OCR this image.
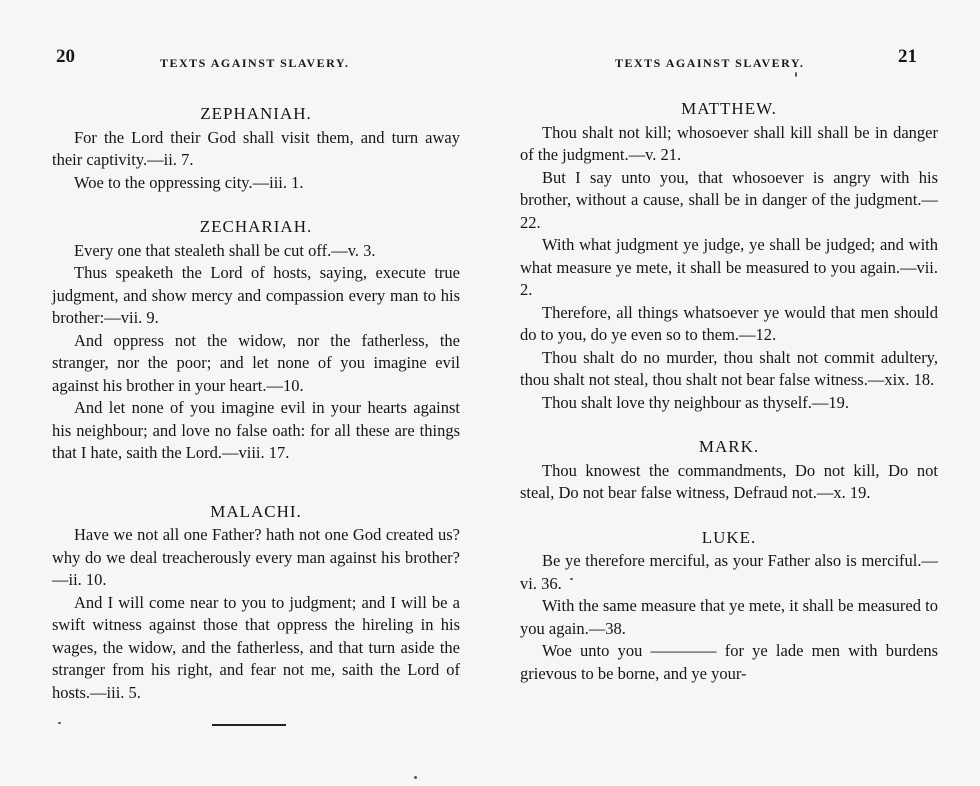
20	TEXTS AGAINST SLAVERY.
ZEPHANIAH.

For the Lord their God shall visit them, and turn away their captivity.—ii. 7.

Woe to the oppressing city.—iii. 1.

ZECHARIAH.

Every one that stealeth shall be cut off.—v. 3.

Thus speaketh the Lord of hosts, saying, execute true judgment, and show mercy and compassion every man to his brother:—vii. 9.

And oppress not the widow, nor the fatherless, the stranger, nor the poor; and let none of you imagine evil against his brother in your heart.—10.

And let none of you imagine evil in your hearts against his neighbour; and love no false oath: for all these are things that I hate, saith the Lord.—viii. 17.

MALACHI.

Have we not all one Father? hath not one God created us? why do we deal treacherously every man against his brother?—ii. 10.

And I will come near to you to judgment; and I will be a swift witness against those that oppress the hireling in his wages, the widow, and the fatherless, and that turn aside the stranger from his right, and fear not me, saith the Lord of hosts.—iii. 5.

TEXTS AGAINST SLAVERY.	21
MATTHEW.

Thou shalt not kill; whosoever shall kill shall be in danger of the judgment.—v. 21.

But I say unto you, that whosoever is angry with his brother, without a cause, shall be in danger of the judgment.—22.

With what judgment ye judge, ye shall be judged; and with what measure ye mete, it shall be measured to you again.—vii. 2.

Therefore, all things whatsoever ye would that men should do to you, do ye even so to them.—12.

Thou shalt do no murder, thou shalt not commit adultery, thou shalt not steal, thou shalt not bear false witness.—xix. 18.

Thou shalt love thy neighbour as thyself.—19.

MARK.

Thou knowest the commandments, Do not kill, Do not steal, Do not bear false witness, Defraud not.—x. 19.

LUKE.

Be ye therefore merciful, as your Father also is merciful.—vi. 36.

With the same measure that ye mete, it shall be measured to you again.—38.

Woe unto you ———— for ye lade men with burdens grievous to be borne, and ye your-
